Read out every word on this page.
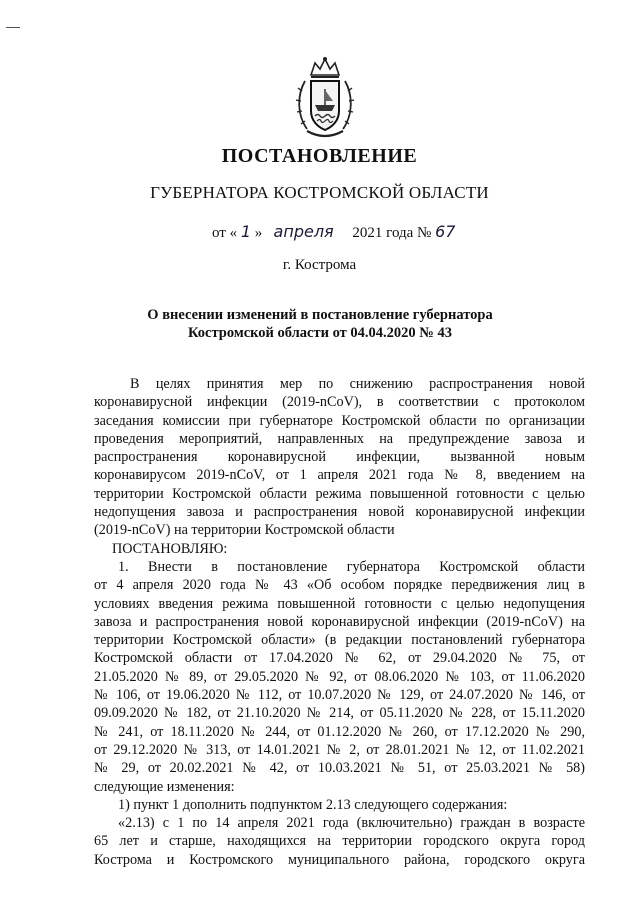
ПОСТАНОВЛЕНИЕ
ГУБЕРНАТОРА КОСТРОМСКОЙ ОБЛАСТИ
от « 1 » апреля 2021 года № 67
г. Кострома
О внесении изменений в постановление губернатора
Костромской области от 04.04.2020 № 43
В целях принятия мер по снижению распространения новой
коронавирусной инфекции (2019-nCoV), в соответствии с протоколом
заседания комиссии при губернаторе Костромской области по организации
проведения мероприятий, направленных на предупреждение завоза и
распространения коронавирусной инфекции, вызванной новым
коронавирусом 2019-nCoV, от 1 апреля 2021 года № 8, введением на
территории Костромской области режима повышенной готовности с целью
недопущения завоза и распространения новой коронавирусной инфекции
(2019-nCoV) на территории Костромской области
ПОСТАНОВЛЯЮ:
1. Внести в постановление губернатора Костромской области
от 4 апреля 2020 года № 43 «Об особом порядке передвижения лиц в
условиях введения режима повышенной готовности с целью недопущения
завоза и распространения новой коронавирусной инфекции (2019-nCoV) на
территории Костромской области» (в редакции постановлений губернатора
Костромской области от 17.04.2020 № 62, от 29.04.2020 № 75, от
21.05.2020 № 89, от 29.05.2020 № 92, от 08.06.2020 № 103, от 11.06.2020
№ 106, от 19.06.2020 № 112, от 10.07.2020 № 129, от 24.07.2020 № 146, от
09.09.2020 № 182, от 21.10.2020 № 214, от 05.11.2020 № 228, от 15.11.2020
№ 241, от 18.11.2020 № 244, от 01.12.2020 № 260, от 17.12.2020 № 290,
от 29.12.2020 № 313, от 14.01.2021 № 2, от 28.01.2021 № 12, от 11.02.2021
№ 29, от 20.02.2021 № 42, от 10.03.2021 № 51, от 25.03.2021 № 58)
следующие изменения:
1) пункт 1 дополнить подпунктом 2.13 следующего содержания:
«2.13) с 1 по 14 апреля 2021 года (включительно) граждан в возрасте
65 лет и старше, находящихся на территории городского округа город
Кострома и Костромского муниципального района, городского округа
